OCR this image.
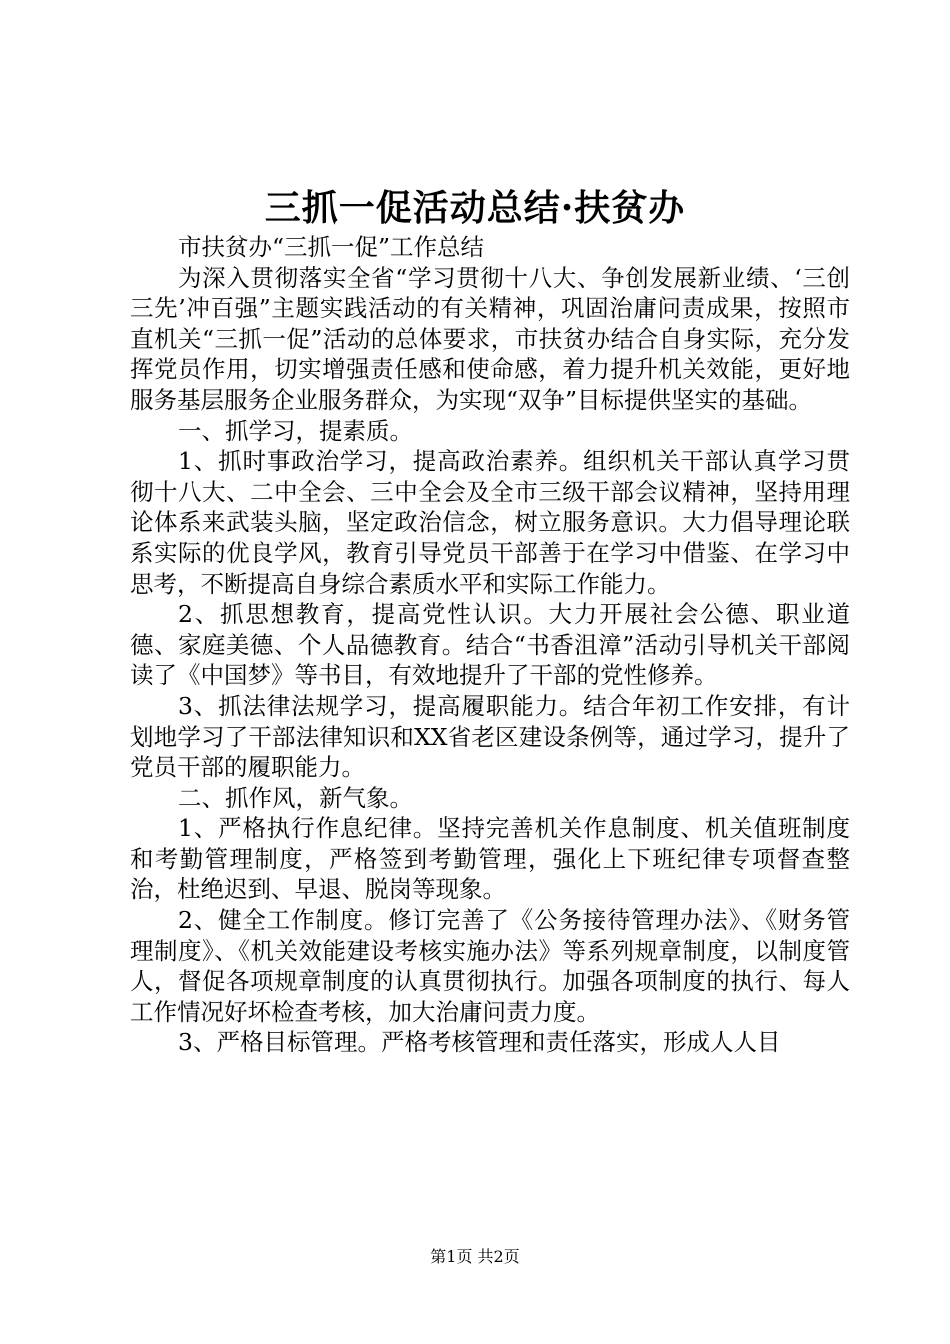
三抓一促活动总结·扶贫办

市扶贫办“三抓一促”工作总结

为深入贯彻落实全省“学习贯彻十八大、争创发展新业绩、‘三创三先’冲百强”主题实践活动的有关精神，巩固治庸问责成果，按照市直机关“三抓一促”活动的总体要求，市扶贫办结合自身实际，充分发挥党员作用，切实增强责任感和使命感，着力提升机关效能，更好地服务基层服务企业服务群众，为实现“双争”目标提供坚实的基础。

一、抓学习，提素质。

1、抓时事政治学习，提高政治素养。组织机关干部认真学习贯彻十八大、二中全会、三中全会及全市三级干部会议精神，坚持用理论体系来武装头脑，坚定政治信念，树立服务意识。大力倡导理论联系实际的优良学风，教育引导党员干部善于在学习中借鉴、在学习中思考，不断提高自身综合素质水平和实际工作能力。

2、抓思想教育，提高党性认识。大力开展社会公德、职业道德、家庭美德、个人品德教育。结合“书香沮漳”活动引导机关干部阅读了《中国梦》等书目，有效地提升了干部的党性修养。

3、抓法律法规学习，提高履职能力。结合年初工作安排，有计划地学习了干部法律知识和XX省老区建设条例等，通过学习，提升了党员干部的履职能力。

二、抓作风，新气象。

1、严格执行作息纪律。坚持完善机关作息制度、机关值班制度和考勤管理制度，严格签到考勤管理，强化上下班纪律专项督查整治，杜绝迟到、早退、脱岗等现象。

2、健全工作制度。修订完善了《公务接待管理办法》、《财务管理制度》、《机关效能建设考核实施办法》等系列规章制度，以制度管人，督促各项规章制度的认真贯彻执行。加强各项制度的执行、每人工作情况好坏检查考核，加大治庸问责力度。

3、严格目标管理。严格考核管理和责任落实，形成人人目

第1页 共2页
